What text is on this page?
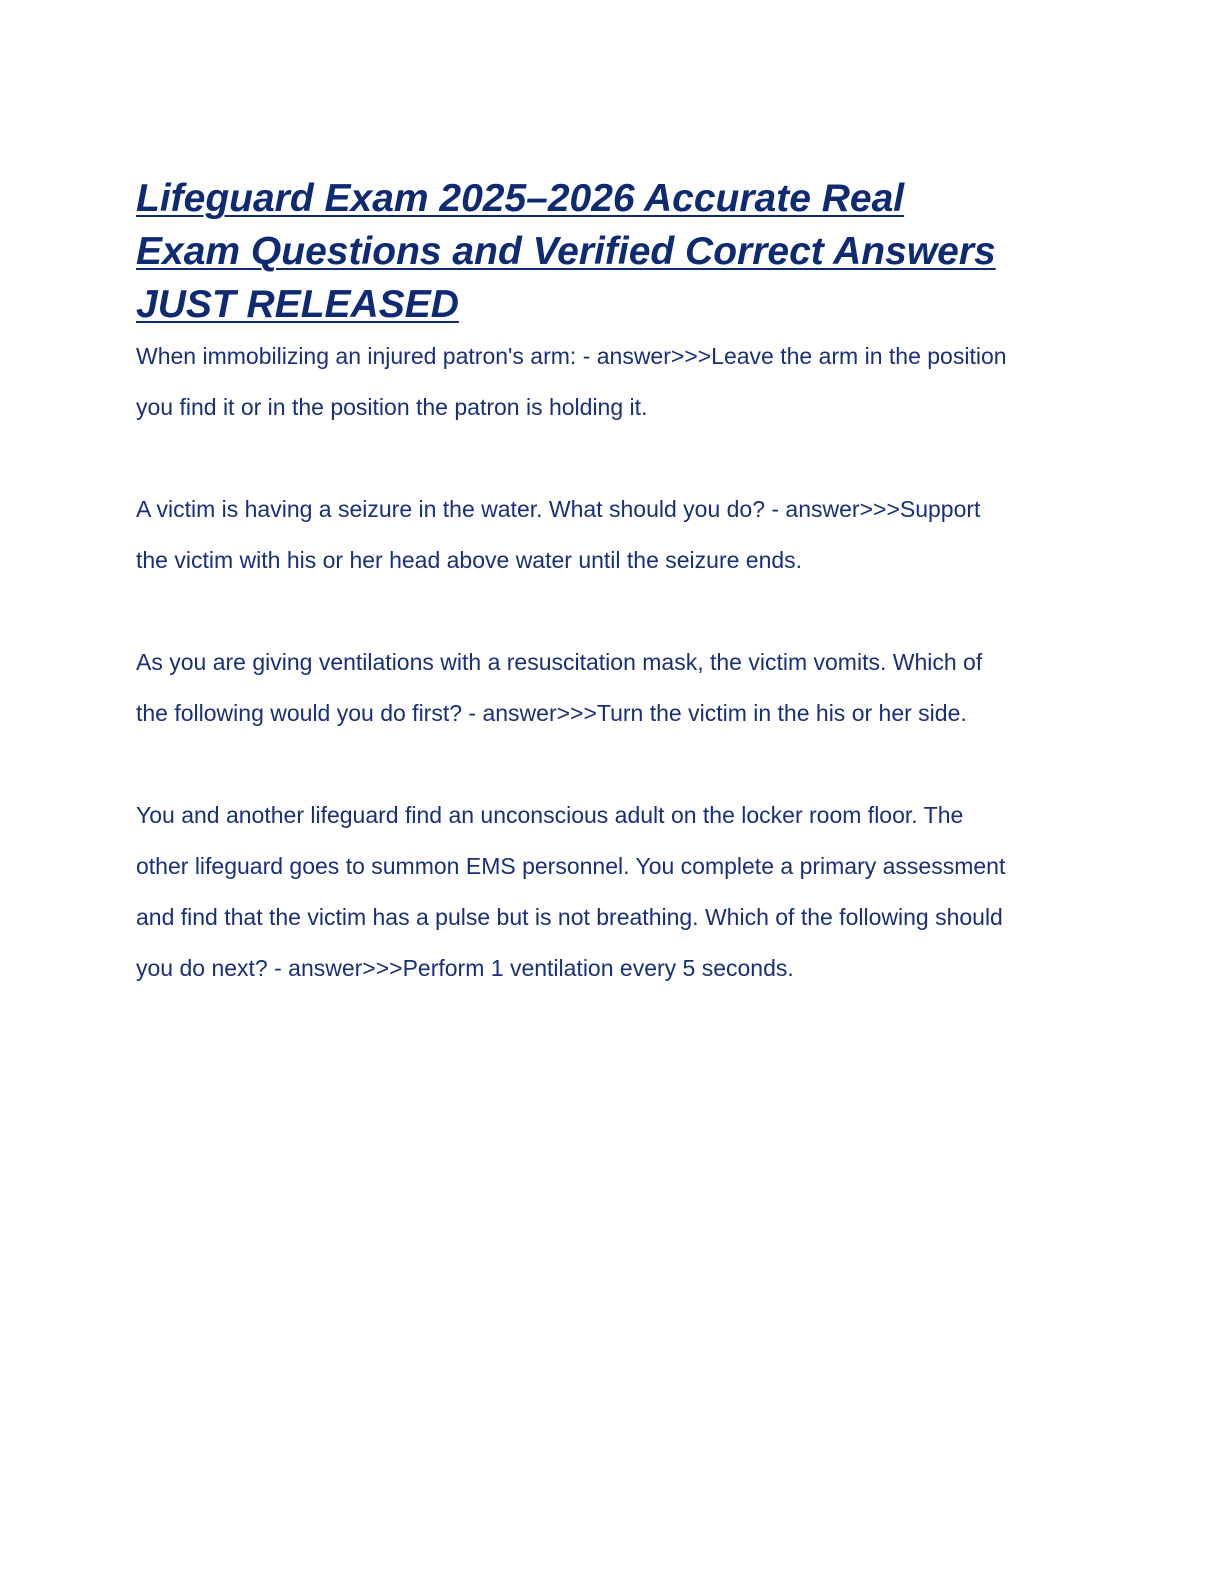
Lifeguard Exam 2025–2026 Accurate Real Exam Questions and Verified Correct Answers JUST RELEASED

When immobilizing an injured patron's arm: - answer>>>Leave the arm in the position you find it or in the position the patron is holding it.

A victim is having a seizure in the water. What should you do? - answer>>>Support the victim with his or her head above water until the seizure ends.

As you are giving ventilations with a resuscitation mask, the victim vomits. Which of the following would you do first? - answer>>>Turn the victim in the his or her side.

You and another lifeguard find an unconscious adult on the locker room floor. The other lifeguard goes to summon EMS personnel. You complete a primary assessment and find that the victim has a pulse but is not breathing. Which of the following should you do next? - answer>>>Perform 1 ventilation every 5 seconds.
